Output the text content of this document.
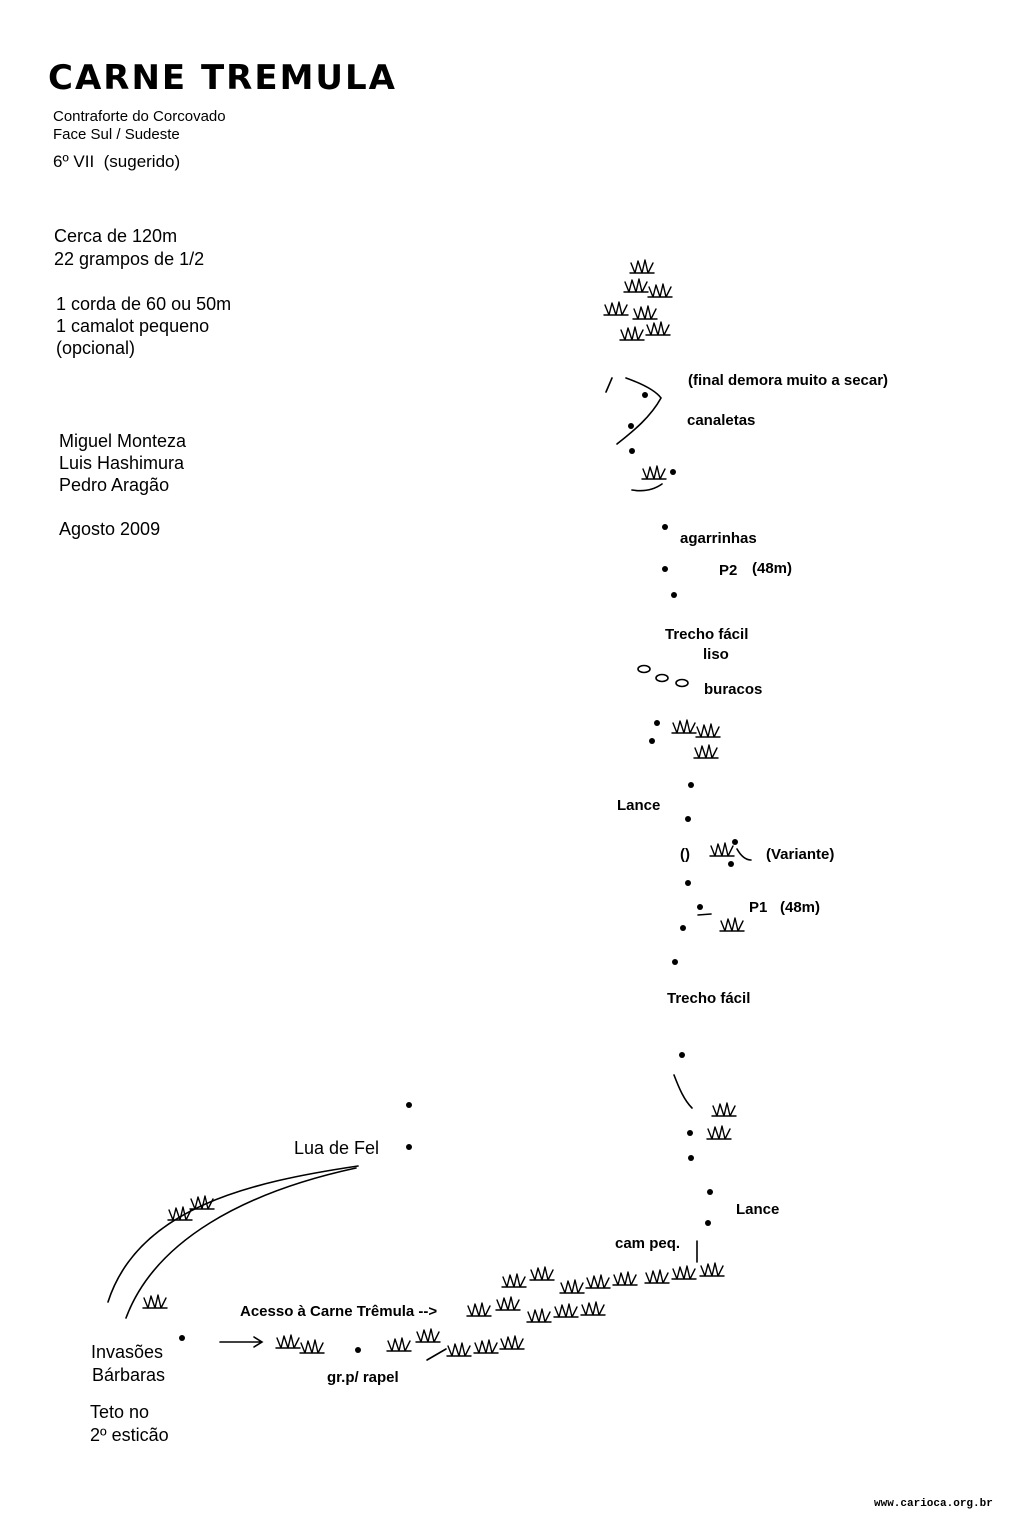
CARNE TREMULA
Contraforte do Corcovado
Face Sul / Sudeste
6º VII (sugerido)
Cerca de 120m
22 grampos de 1/2
1 corda de 60 ou 50m
1 camalot pequeno
(opcional)
Miguel Monteza
Luis Hashimura
Pedro Aragão
Agosto 2009
(final demora muito a secar)
canaletas
agarrinhas
P2 (48m)
Trecho fácil
liso
buracos
Lance
()	(Variante)
P1 (48m)
Trecho fácil
Lance
cam peq.
Acesso à Carne Trêmula -->
gr.p/ rapel
Lua de Fel
Invasões
Bárbaras
Teto no
2º esticão
www.carioca.org.br
